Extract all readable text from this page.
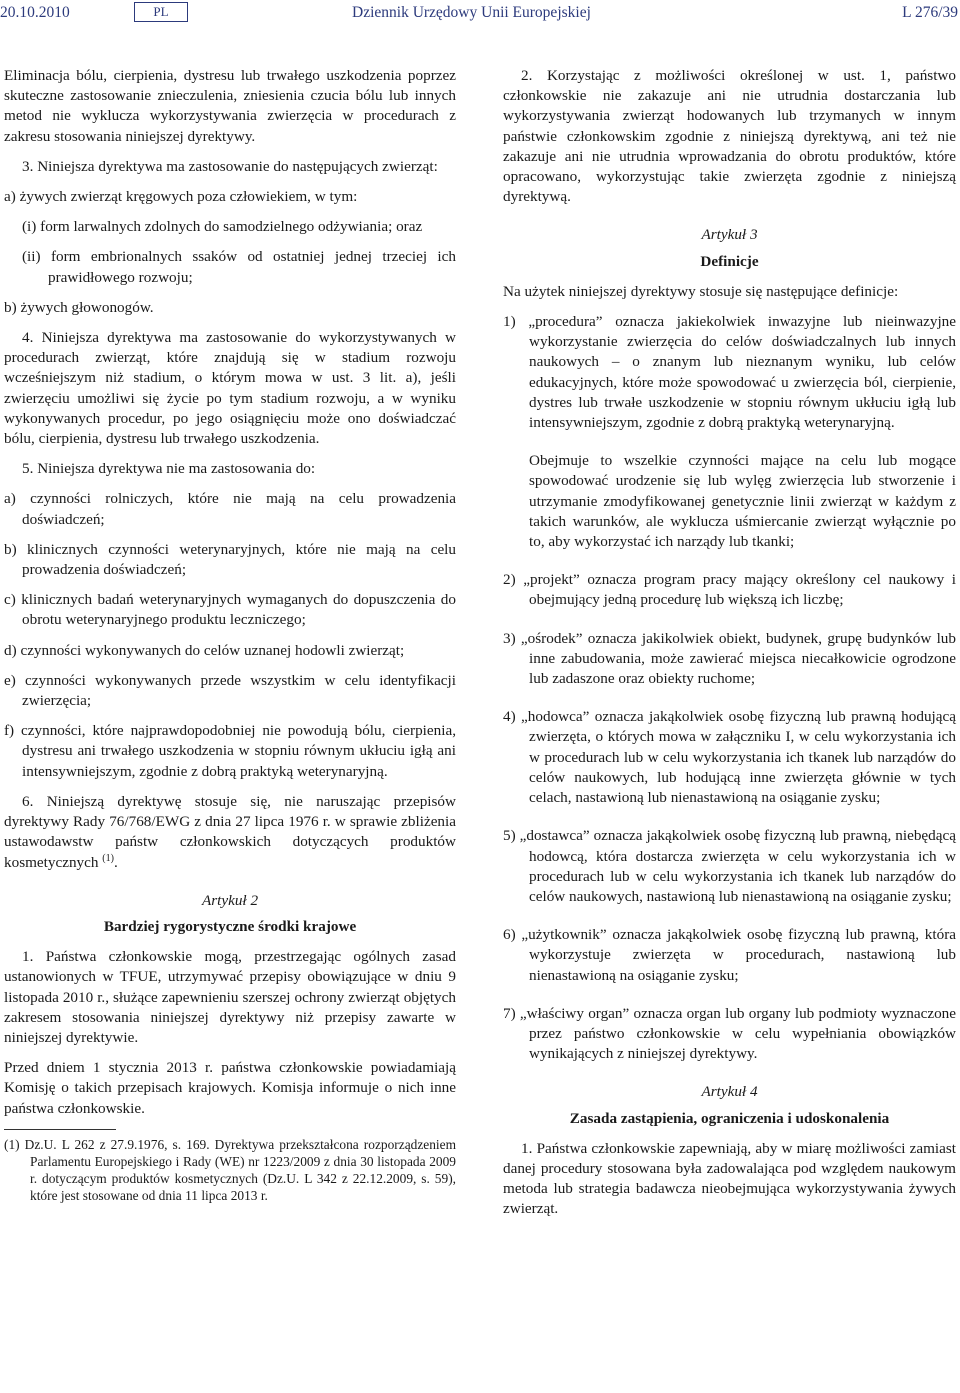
20.10.2010	PL	Dziennik Urzędowy Unii Europejskiej	L 276/39

Eliminacja bólu, cierpienia, dystresu lub trwałego uszkodzenia poprzez skuteczne zastosowanie znieczulenia, zniesienia czucia bólu lub innych metod nie wyklucza wykorzystywania zwierzęcia w procedurach z zakresu stosowania niniejszej dyrektywy.

3. Niniejsza dyrektywa ma zastosowanie do następujących zwierząt:

a) żywych zwierząt kręgowych poza człowiekiem, w tym:

(i) form larwalnych zdolnych do samodzielnego odżywiania; oraz

(ii) form embrionalnych ssaków od ostatniej jednej trzeciej ich prawidłowego rozwoju;

b) żywych głowonogów.

4. Niniejsza dyrektywa ma zastosowanie do wykorzystywanych w procedurach zwierząt, które znajdują się w stadium rozwoju wcześniejszym niż stadium, o którym mowa w ust. 3 lit. a), jeśli zwierzęciu umożliwi się życie po tym stadium rozwoju, a w wyniku wykonywanych procedur, po jego osiągnięciu może ono doświadczać bólu, cierpienia, dystresu lub trwałego uszkodzenia.

5. Niniejsza dyrektywa nie ma zastosowania do:

a) czynności rolniczych, które nie mają na celu prowadzenia doświadczeń;

b) klinicznych czynności weterynaryjnych, które nie mają na celu prowadzenia doświadczeń;

c) klinicznych badań weterynaryjnych wymaganych do dopuszczenia do obrotu weterynaryjnego produktu leczniczego;

d) czynności wykonywanych do celów uznanej hodowli zwierząt;

e) czynności wykonywanych przede wszystkim w celu identyfikacji zwierzęcia;

f) czynności, które najprawdopodobniej nie powodują bólu, cierpienia, dystresu ani trwałego uszkodzenia w stopniu równym ukłuciu igłą ani intensywniejszym, zgodnie z dobrą praktyką weterynaryjną.

6. Niniejszą dyrektywę stosuje się, nie naruszając przepisów dyrektywy Rady 76/768/EWG z dnia 27 lipca 1976 r. w sprawie zbliżenia ustawodawstw państw członkowskich dotyczących produktów kosmetycznych $^{(1)}$.

Artykuł 2
Bardziej rygorystyczne środki krajowe

1. Państwa członkowskie mogą, przestrzegając ogólnych zasad ustanowionych w TFUE, utrzymywać przepisy obowiązujące w dniu 9 listopada 2010 r., służące zapewnieniu szerszej ochrony zwierząt objętych zakresem stosowania niniejszej dyrektywy niż przepisy zawarte w niniejszej dyrektywie.

Przed dniem 1 stycznia 2013 r. państwa członkowskie powiadamiają Komisję o takich przepisach krajowych. Komisja informuje o nich inne państwa członkowskie.

(1) Dz.U. L 262 z 27.9.1976, s. 169. Dyrektywa przekształcona rozporządzeniem Parlamentu Europejskiego i Rady (WE) nr 1223/2009 z dnia 30 listopada 2009 r. dotyczącym produktów kosmetycznych (Dz.U. L 342 z 22.12.2009, s. 59), które jest stosowane od dnia 11 lipca 2013 r.

2. Korzystając z możliwości określonej w ust. 1, państwo członkowskie nie zakazuje ani nie utrudnia dostarczania lub wykorzystywania zwierząt hodowanych lub trzymanych w innym państwie członkowskim zgodnie z niniejszą dyrektywą, ani też nie zakazuje ani nie utrudnia wprowadzania do obrotu produktów, które opracowano, wykorzystując takie zwierzęta zgodnie z niniejszą dyrektywą.

Artykuł 3
Definicje

Na użytek niniejszej dyrektywy stosuje się następujące definicje:

1) „procedura” oznacza jakiekolwiek inwazyjne lub nieinwazyjne wykorzystanie zwierzęcia do celów doświadczalnych lub innych naukowych – o znanym lub nieznanym wyniku, lub celów edukacyjnych, które może spowodować u zwierzęcia ból, cierpienie, dystres lub trwałe uszkodzenie w stopniu równym ukłuciu igłą lub intensywniejszym, zgodnie z dobrą praktyką weterynaryjną.

Obejmuje to wszelkie czynności mające na celu lub mogące spowodować urodzenie się lub wylęg zwierzęcia lub stworzenie i utrzymanie zmodyfikowanej genetycznie linii zwierząt w każdym z takich warunków, ale wyklucza uśmiercanie zwierząt wyłącznie po to, aby wykorzystać ich narządy lub tkanki;

2) „projekt” oznacza program pracy mający określony cel naukowy i obejmujący jedną procedurę lub większą ich liczbę;

3) „ośrodek” oznacza jakikolwiek obiekt, budynek, grupę budynków lub inne zabudowania, może zawierać miejsca niecałkowicie ogrodzone lub zadaszone oraz obiekty ruchome;

4) „hodowca” oznacza jakąkolwiek osobę fizyczną lub prawną hodującą zwierzęta, o których mowa w załączniku I, w celu wykorzystania ich w procedurach lub w celu wykorzystania ich tkanek lub narządów do celów naukowych, lub hodującą inne zwierzęta głównie w tych celach, nastawioną lub nienastawioną na osiąganie zysku;

5) „dostawca” oznacza jakąkolwiek osobę fizyczną lub prawną, niebędącą hodowcą, która dostarcza zwierzęta w celu wykorzystania ich w procedurach lub w celu wykorzystania ich tkanek lub narządów do celów naukowych, nastawioną lub nienastawioną na osiąganie zysku;

6) „użytkownik” oznacza jakąkolwiek osobę fizyczną lub prawną, która wykorzystuje zwierzęta w procedurach, nastawioną lub nienastawioną na osiąganie zysku;

7) „właściwy organ” oznacza organ lub organy lub podmioty wyznaczone przez państwo członkowskie w celu wypełniania obowiązków wynikających z niniejszej dyrektywy.

Artykuł 4
Zasada zastąpienia, ograniczenia i udoskonalenia

1. Państwa członkowskie zapewniają, aby w miarę możliwości zamiast danej procedury stosowana była zadowalająca pod względem naukowym metoda lub strategia badawcza nieobejmująca wykorzystywania żywych zwierząt.
